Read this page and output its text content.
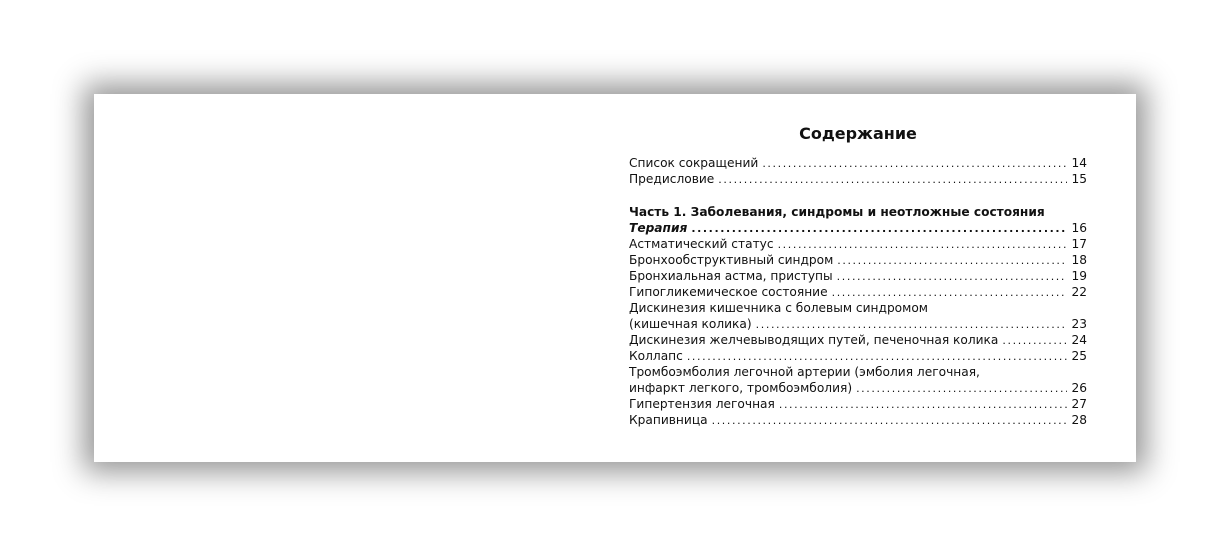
Содержание
Список сокращений .....	14
Предисловие .....	15
Часть 1. Заболевания, синдромы и неотложные состояния
Терапия .....	16
Астматический статус .....	17
Бронхообструктивный синдром .....	18
Бронхиальная астма, приступы .....	19
Гипогликемическое состояние .....	22
Дискинезия кишечника с болевым синдромом
(кишечная колика) .....	23
Дискинезия желчевыводящих путей, печеночная колика .....	24
Коллапс .....	25
Тромбоэмболия легочной артерии (эмболия легочная,
инфаркт легкого, тромбоэмболия) .....	26
Гипертензия легочная .....	27
Крапивница .....	28
